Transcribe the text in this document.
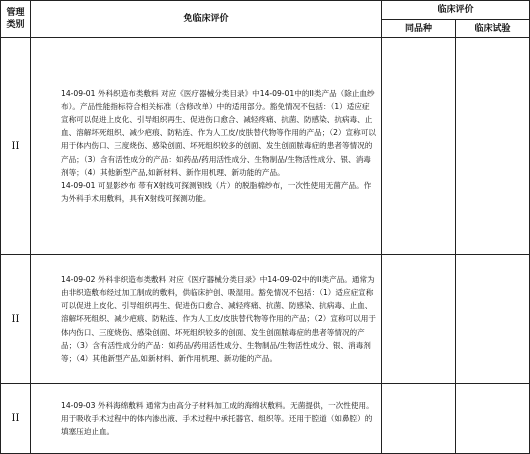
管理
类别	免临床评价	临床评价	
		同品种	临床试验
II	14-09-01 外科织造布类敷料 对应《医疗器械分类目录》中14-09-01中的II类产品（除止血纱布）。产品性能指标符合相关标准（含修改单）中的适用部分。豁免情况不包括：（1）适应症宣称可以促进上皮化、引导组织再生、促进伤口愈合、减轻疼痛、抗菌、防感染、抗病毒、止血、溶解坏死组织、减少疤痕、防粘连、作为人工皮/皮肤替代物等作用的产品；（2）宣称可以用于体内伤口、三度烧伤、感染创面、坏死组织较多的创面、发生创面脓毒症的患者等情况的产品；（3）含有活性成分的产品：如药品/药用活性成分、生物制品/生物活性成分、银、消毒剂等；（4）其他新型产品,如新材料、新作用机理、新功能的产品。

14-09-01 可显影纱布 带有X射线可探测钡线（片）的脱脂棉纱布，一次性使用无菌产品。作为外科手术用敷料，具有X射线可探测功能。		

II	14-09-02 外科非织造布类敷料 对应《医疗器械分类目录》中14-09-02中的II类产品。通常为由非织造敷布经过加工制成的敷料，供临床护创、吸湿用。豁免情况不包括：（1）适应症宣称可以促进上皮化、引导组织再生、促进伤口愈合、减轻疼痛、抗菌、防感染、抗病毒、止血、溶解坏死组织、减少疤痕、防粘连、作为人工皮/皮肤替代物等作用的产品；（2）宣称可以用于体内伤口、三度烧伤、感染创面、坏死组织较多的创面、发生创面脓毒症的患者等情况的产品；（3）含有活性成分的产品：如药品/药用活性成分、生物制品/生物活性成分、银、消毒剂等；（4）其他新型产品,如新材料、新作用机理、新功能的产品。		

II	14-09-03 外科海绵敷料 通常为由高分子材料加工成的海绵状敷料。无菌提供，一次性使用。用于吸收手术过程中的体内渗出液、手术过程中承托器官、组织等。还用于腔道（如鼻腔）的填塞压迫止血。		
